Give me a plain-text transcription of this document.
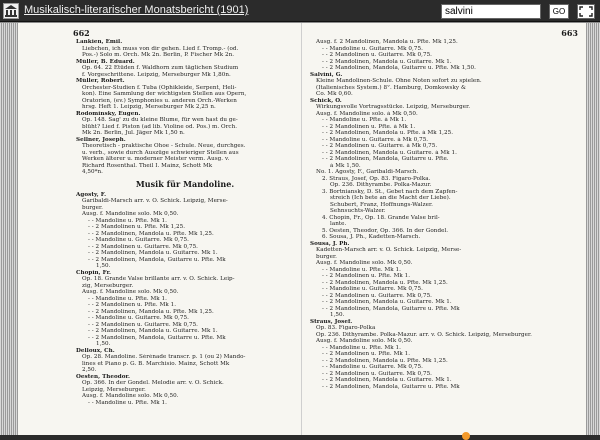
Musikalisch-literarischer Monatsbericht (1901)
salvini	GO
662
Lankien, Emil.
Liebchen, ich muss von dir gehen. Lied f. Tromp.- (od.
Pos.-) Solo m. Orch. Mk 2n. Berlin, P. Fischer Mk 2n.
Müller, B. Eduard.
Op. 64. 22 Etüden f. Waldhorn zum täglichen Studium
f. Vorgeschrittene. Leipzig, Merseburger Mk 1,80n.
Müller, Robert.
Orchester-Studien f. Tuba (Ophikleide, Serpent, Heli-
kon). Eine Sammlung der wichtigsten Stellen aus Opern,
Oratorien, (ev.) Symphonies u. anderen Orch.-Werken
hrsg. Heft 1. Leipzig, Merseburger Mk 2,25 n.
Rodominsky, Eugen.
Op. 148. Sag' zu du kleine Blume, für wen hast du ge-
blüht? Lied f. Piston (ad lib. Violine od. Pos.) m. Orch.
Mk 2n. Berlin, Jul. Jäger Mk 1,50 n.
Sellner, Joseph.
Theoretisch - praktische Ohoe - Schule. Neue, durchges.
u. verb., sowie durch Auszüge schwieriger Stellen aus
Werken älterer u. moderner Meister verm. Ausg. v.
Richard Rosenthal. Theil I. Mainz, Schott Mk
4,50*n.
Musik für Mandoline.
Agosty, F.
Garibaldi-Marsch arr. v. O. Schick. Leipzig, Merse-
burger.
Ausg. f. Mandoline solo. Mk 0,50.
- - Mandoline u. Pfte. Mk 1.
- - 2 Mandolinen u. Pfte. Mk 1,25.
- - 2 Mandolinen, Mandola u. Pfte. Mk 1,25.
- - Mandoline u. Guitarre. Mk 0,75.
- - 2 Mandolinen u. Guitarre. Mk 0,75.
- - 2 Mandolinen, Mandola u. Guitarre. Mk 1.
- - 2 Mandolinen, Mandola, Guitarre u. Pfte. Mk
1,50.
Chopin, Fr.
Op. 18. Grande Valse brillante arr. v. O. Schick. Leip-
zig, Merseburger.
Ausg. f. Mandoline solo. Mk 0,50.
- - Mandoline u. Pfte. Mk 1.
- - 2 Mandolinen u. Pfte. Mk 1.
- - 2 Mandolinen, Mandola u. Pfte. Mk 1,25.
- - Mandoline u. Guitarre. Mk 0,75.
- - 2 Mandolinen u. Guitarre. Mk 0,75.
- - 2 Mandolinen, Mandola u. Guitarre. Mk 1.
- - 2 Mandolinen, Mandola, Guitarre u. Pfte. Mk
1,50.
Delloux, Ch.
Op. 28. Mandoline. Sérénade transcr. p. 1 (ou 2) Mando-
lines et Piano p. G. B. Marchisio. Mainz, Schott Mk
2,50.
Oesten, Theodor.
Op. 366. In der Gondel. Melodie arr. v. O. Schick.
Leipzig, Merseburger.
Ausg. f. Mandoline solo. Mk 0,50.
- - Mandoline u. Pfte. Mk 1.
663
Ausg. f. 2 Mandolinen, Mandola u. Pfte. Mk 1,25.
- - Mandoline u. Guitarre. Mk 0,75.
- - 2 Mandolinen u. Guitarre. Mk 0,75.
- - 2 Mandolinen, Mandola u. Guitarre. Mk 1.
- - 2 Mandolinen, Mandola, Guitarre u. Pfte. Mk 1,50.
Salvini, G.
Kleine Mandolinen-Schule. Ohne Noten sofort zu spielen.
(Italienisches System.) 8°. Hamburg, Domkowsky &
Co. Mk 0,60.
Schick, O.
Wirkungsvolle Vortragsstücke. Leipzig, Merseburger.
Ausg. f. Mandoline solo. à Mk 0,50.
- - Mandoline u. Pfte. à Mk 1.
- - 2 Mandolinen u. Pfte. à Mk 1.
- - 2 Mandolinen, Mandola u. Pfte. à Mk 1,25.
- - Mandoline u. Guitarre. à Mk 0,75.
- - 2 Mandolinen u. Guitarre. à Mk 0,75.
- - 2 Mandolinen, Mandola u. Guitarre. à Mk 1.
- - 2 Mandolinen, Mandola, Guitarre u. Pfte.
à Mk 1,50.
No. 1. Agosty, F., Garibaldi-Marsch.
2. Straus, Josef, Op. 83. Figaro-Polka.
Op. 236. Dithyrambe. Polka-Mazur.
3. Bortniansky, D. St., Gebet nach dem Zapfen-
streich (Ich bete an die Macht der Liebe).
Schubert, Franz, Hoffnungs-Walzer.
Sehnsuchts-Walzer.
4. Chopin, Fr., Op. 18. Grande Valse bril-
lante.
5. Oesten, Theodor, Op. 366. In der Gondel.
6. Sousa, J. Ph., Kadetten-Marsch.
Sousa, J. Ph.
Kadetten-Marsch arr. v. O. Schick. Leipzig, Merse-
burger.
Ausg. f. Mandoline solo. Mk 0,50.
- - Mandoline u. Pfte. Mk 1.
- - 2 Mandolinen u. Pfte. Mk 1.
- - 2 Mandolinen, Mandola u. Pfte. Mk 1,25.
- - Mandoline u. Guitarre. Mk 0,75.
- - 2 Mandolinen u. Guitarre. Mk 0,75.
- - 2 Mandolinen, Mandola u. Guitarre. Mk 1.
- - 2 Mandolinen, Mandola, Guitarre u. Pfte. Mk
1,50.
Straus, Josef.
Op. 83. Figaro-Polka
Op. 236. Dithyrambe. Polka-Mazur. arr. v. O. Schick. Leipzig, Merseburger.
Ausg. f. Mandoline solo. Mk 0,50.
- - Mandoline u. Pfte. Mk 1.
- - 2 Mandolinen u. Pfte. Mk 1.
- - 2 Mandolinen, Mandola u. Pfte. Mk 1,25.
- - Mandoline u. Guitarre. Mk 0,75.
- - 2 Mandolinen u. Guitarre. Mk 0,75.
- - 2 Mandolinen, Mandola u. Guitarre. Mk 1.
- - 2 Mandolinen, Mandola, Guitarre u. Pfte. Mk
